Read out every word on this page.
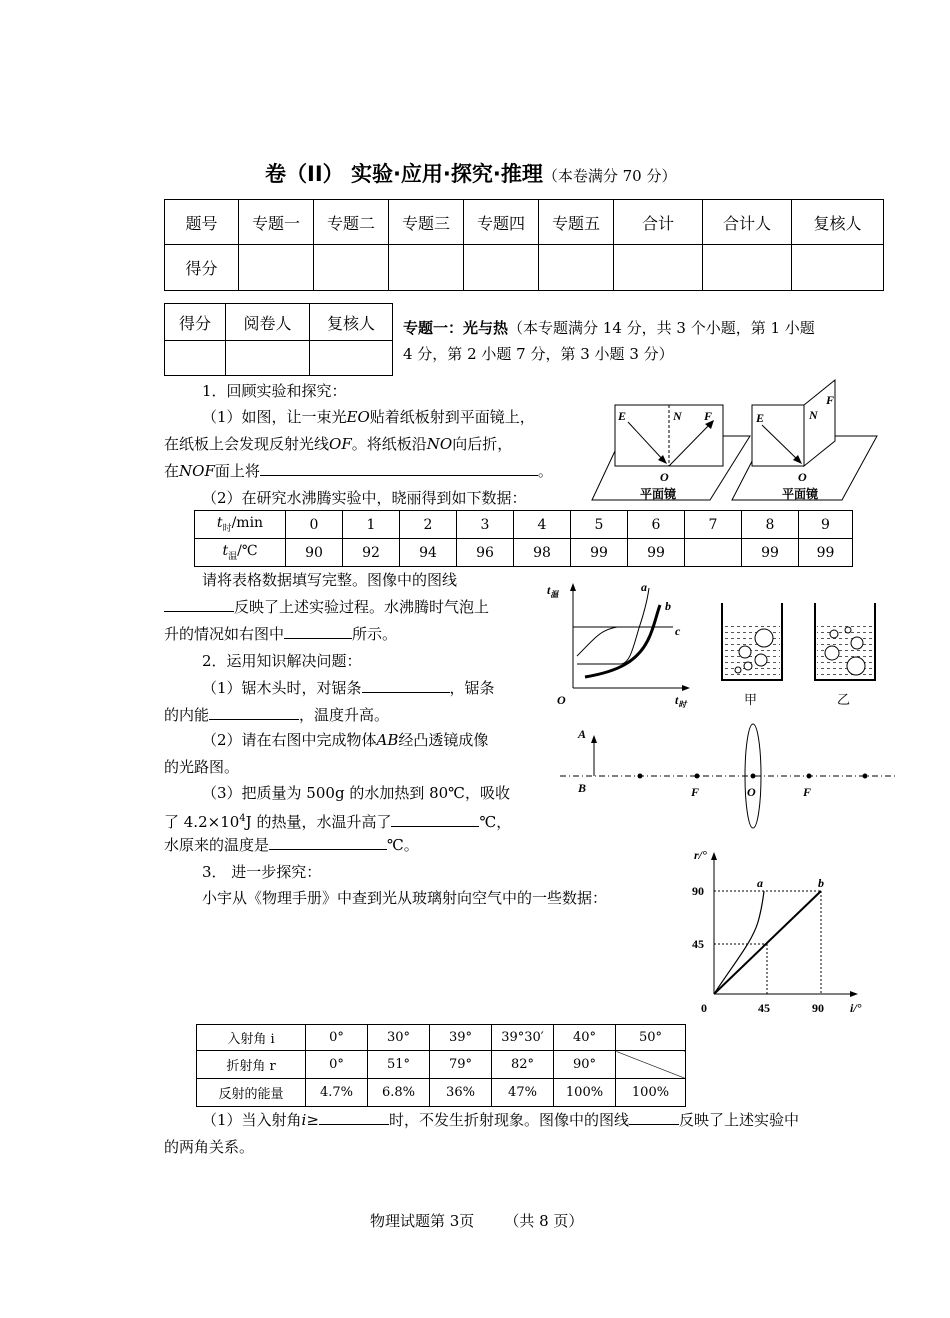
卷（II） 实验·应用·探究·推理（本卷满分 70 分）
题号	专题一	专题二	专题三	专题四	专题五	合计	合计人	复核人
得分								
得分	阅卷人	复核人
		专题一：光与热（本专题满分 14 分，共 3 个小题，第 1 小题
4 分，第 2 小题 7 分，第 3 小题 3 分）
1．回顾实验和探究：
（1）如图，让一束光EO贴着纸板射到平面镜上，
在纸板上会发现反射光线OF。将纸板沿NO向后折，
在NOF面上将	。
（2）在研究水沸腾实验中，晓丽得到如下数据：
$t_时/\min$	0	1	2	3	4	5	6	7	8	9
$t_温/℃$	90	92	94	96	98	99	99		99	99
请将表格数据填写完整。图像中的图线
反映了上述实验过程。水沸腾时气泡上
升的情况如右图中	所示。
2．运用知识解决问题：
（1）锯木头时，对锯条	，锯条
的内能	，温度升高。
（2）请在右图中完成物体AB经凸透镜成像
的光路图。
（3）把质量为 500g 的水加热到 80℃，吸收
了 $4.2\times 10^4J$ 的热量，水温升高了	℃，
水原来的温度是	℃。
3． 进一步探究：
小宇从《物理手册》中查到光从玻璃射向空气中的一些数据：
入射角 i	0°	30°	39°	39°30′	40°	50°
折射角 r	0°	51°	79°	82°	90°	
反射的能量	4.7%	6.8%	36%	47%	100%	100%
（1）当入射角i≥	时，不发生折射现象。图像中的图线	反映了上述实验中
的两角关系。
E	N F
O
平面镜
E	N
F
O
平面镜
$t_温$
$t_时$
O
a
b
c
甲	乙
A
B	F	O	F
r/°
i/°
0
45
90
45	90
a	b
物理试题第 3页 （共 8 页）
